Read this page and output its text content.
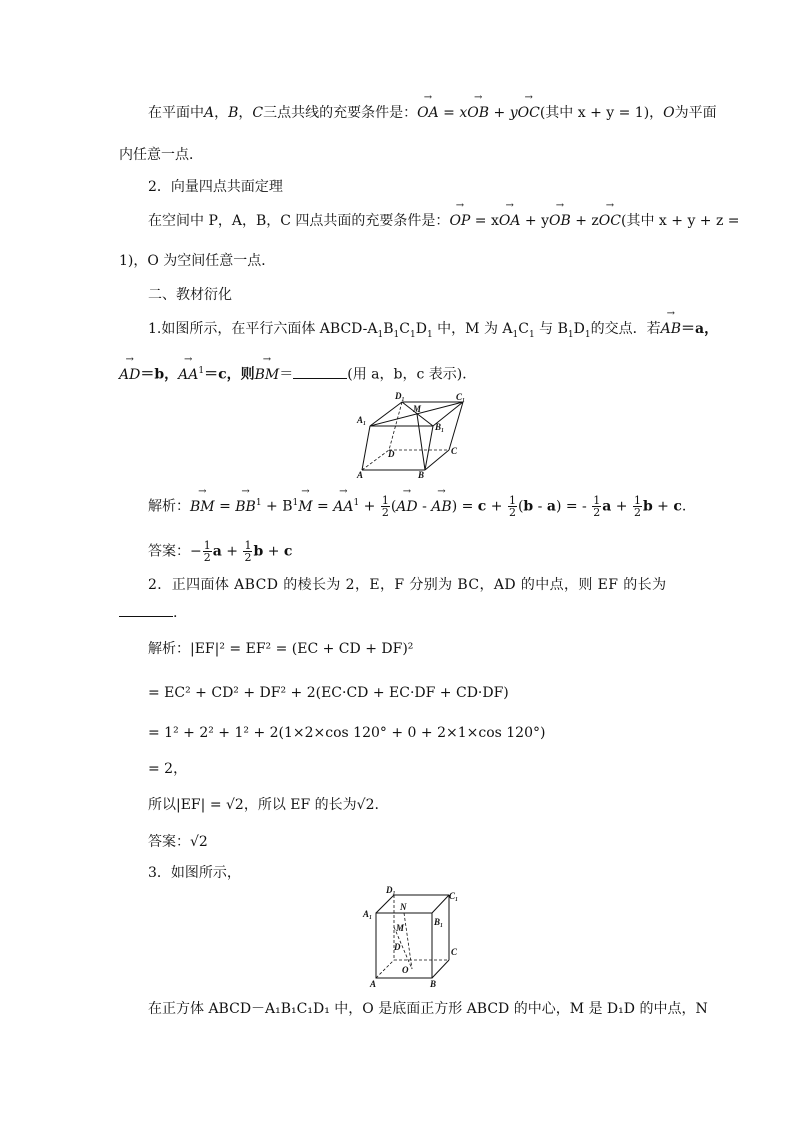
在平面中A，B，C三点共线的充要条件是：→ OA = x→ OB + y→ OC(其中 x + y = 1)，O为平面
内任意一点．
2．向量四点共面定理
在空间中 P，A，B，C 四点共面的充要条件是：→ OP = x→ OA + y→ OB + z→ OC(其中 x + y + z =
1)，O 为空间任意一点．
二、教材衍化
1.如图所示，在平行六面体 ABCD-$A_1B_1C_1D_1$ 中，M 为 $A_1C_1$ 与 $B_1D_1$的交点．若→ AB＝a，
→ AD＝b，→ $AA^1=c$，则→ BM＝	(用 a，b，c 表示)．
D₁
M
C₁
A₁
B₁
D	C
A	B
解析：→ BM = → $BB^1 + B^1\to M$ = → $AA^1 + \frac{1}{2}$ (→ AD - → $AB) = c + \frac{1}{2} (b - a)$ = - $\frac{1}{2}$ $a + \frac{1}{2}$ b + c.
答案：− $\frac{1}{2}$ $a + \frac{1}{2}$ b + c
2．正四面体 ABCD 的棱长为 2，E，F 分别为 BC，AD 的中点，则 EF 的长为
.
解析：|EF|² = EF² = (EC + CD + DF)²
= EC² + CD² + DF² + 2(EC·CD + EC·DF + CD·DF)
= 1² + 2² + 1² + 2(1×2×cos 120° + 0 + 2×1×cos 120°)
= 2，
所以|EF| = √2，所以 EF 的长为√2.
答案：√2
3．如图所示，
D₁
C₁
A₁
B₁
N
M
D	C
O
A	B
在正方体 ABCD－A₁B₁C₁D₁ 中，O 是底面正方形 ABCD 的中心，M 是 D₁D 的中点，N
